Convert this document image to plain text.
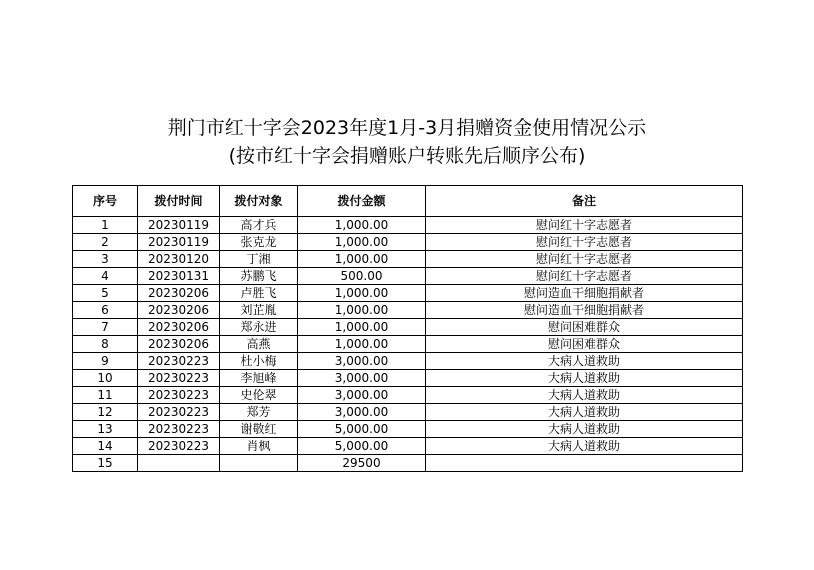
荆门市红十字会2023年度1月-3月捐赠资金使用情况公示
(按市红十字会捐赠账户转账先后顺序公布)
序号	拨付时间	拨付对象	拨付金额	备注
1	20230119	高才兵	1,000.00	慰问红十字志愿者
2	20230119	张克龙	1,000.00	慰问红十字志愿者
3	20230120	丁湘	1,000.00	慰问红十字志愿者
4	20230131	苏鹏飞	500.00	慰问红十字志愿者
5	20230206	卢胜飞	1,000.00	慰问造血干细胞捐献者
6	20230206	刘芷胤	1,000.00	慰问造血干细胞捐献者
7	20230206	郑永进	1,000.00	慰问困难群众
8	20230206	高燕	1,000.00	慰问困难群众
9	20230223	杜小梅	3,000.00	大病人道救助
10	20230223	李旭峰	3,000.00	大病人道救助
11	20230223	史伦翠	3,000.00	大病人道救助
12	20230223	郑芳	3,000.00	大病人道救助
13	20230223	谢敬红	5,000.00	大病人道救助
14	20230223	肖枫	5,000.00	大病人道救助
15			29500	
